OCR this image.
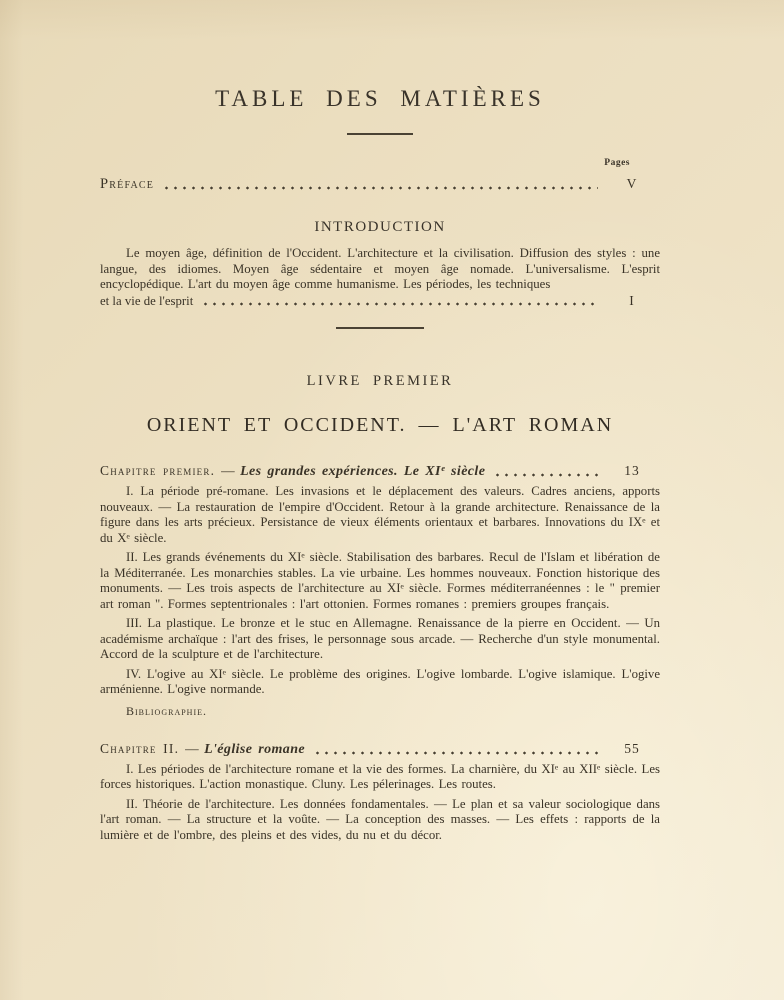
TABLE DES MATIÈRES
Pages
Préface	V
INTRODUCTION

Le moyen âge, définition de l'Occident. L'architecture et la civilisation. Diffusion des styles : une langue, des idiomes. Moyen âge sédentaire et moyen âge nomade. L'universalisme. L'esprit encyclopédique. L'art du moyen âge comme humanisme. Les périodes, les techniques

et la vie de l'esprit	I
LIVRE PREMIER
ORIENT ET OCCIDENT. — L'ART ROMAN
Chapitre premier. — Les grandes expériences. Le XIᵉ siècle	13

I. La période pré-romane. Les invasions et le déplacement des valeurs. Cadres anciens, apports nouveaux. — La restauration de l'empire d'Occident. Retour à la grande architecture. Renaissance de la figure dans les arts précieux. Persistance de vieux éléments orientaux et barbares. Innovations du IXᵉ et du Xᵉ siècle.

II. Les grands événements du XIᵉ siècle. Stabilisation des barbares. Recul de l'Islam et libération de la Méditerranée. Les monarchies stables. La vie urbaine. Les hommes nouveaux. Fonction historique des monuments. — Les trois aspects de l'architecture au XIᵉ siècle. Formes méditerranéennes : le " premier art roman ". Formes septentrionales : l'art ottonien. Formes romanes : premiers groupes français.

III. La plastique. Le bronze et le stuc en Allemagne. Renaissance de la pierre en Occident. — Un académisme archaïque : l'art des frises, le personnage sous arcade. — Recherche d'un style monumental. Accord de la sculpture et de l'architecture.

IV. L'ogive au XIᵉ siècle. Le problème des origines. L'ogive lombarde. L'ogive islamique. L'ogive arménienne. L'ogive normande.

Bibliographie.

Chapitre II. — L'église romane	55

I. Les périodes de l'architecture romane et la vie des formes. La charnière, du XIᵉ au XIIᵉ siècle. Les forces historiques. L'action monastique. Cluny. Les pélerinages. Les routes.

II. Théorie de l'architecture. Les données fondamentales. — Le plan et sa valeur sociologique dans l'art roman. — La structure et la voûte. — La conception des masses. — Les effets : rapports de la lumière et de l'ombre, des pleins et des vides, du nu et du décor.
